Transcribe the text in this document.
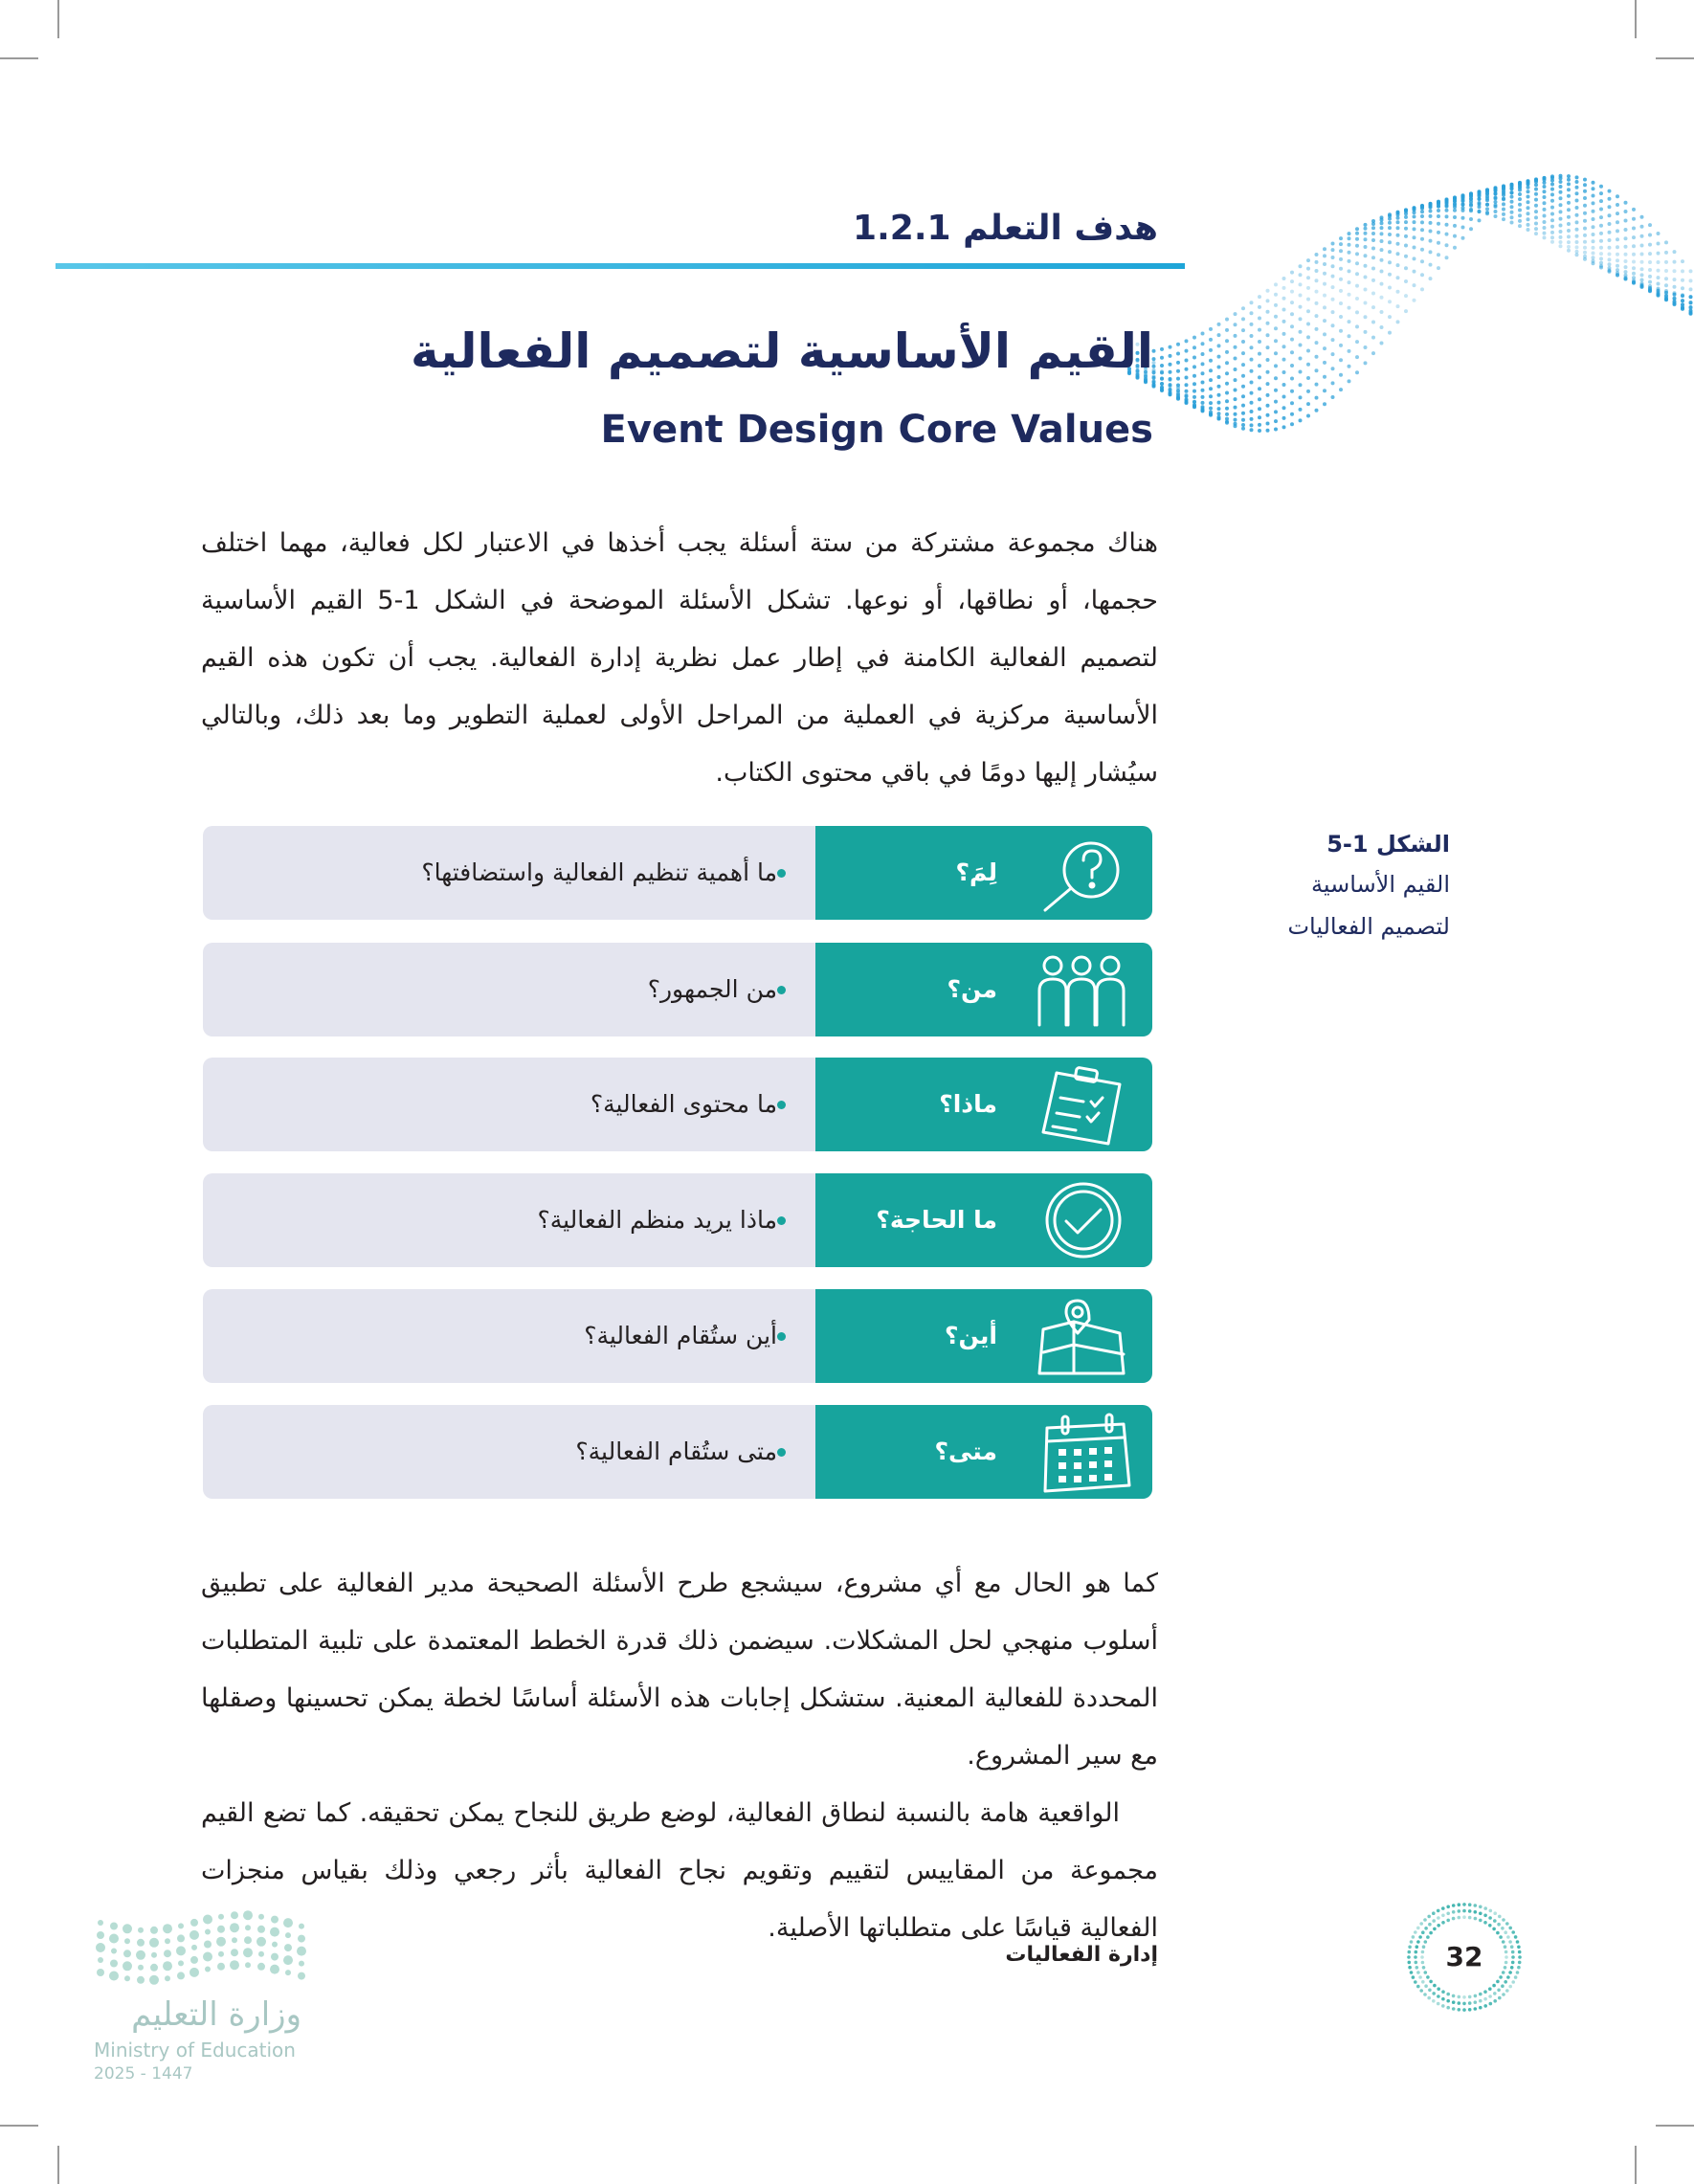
هدف التعلم 1.2.1
القيم الأساسية لتصميم الفعالية
Event Design Core Values

هناك مجموعة مشتركة من ستة أسئلة يجب أخذها في الاعتبار لكل فعالية، مهما اختلف حجمها، أو نطاقها، أو نوعها. تشكل الأسئلة الموضحة في الشكل 1-5 القيم الأساسية لتصميم الفعالية الكامنة في إطار عمل نظرية إدارة الفعالية. يجب أن تكون هذه القيم الأساسية مركزية في العملية من المراحل الأولى لعملية التطوير وما بعد ذلك، وبالتالي سيُشار إليها دومًا في باقي محتوى الكتاب.

الشكل 1-5
القيم الأساسية
لتصميم الفعاليات
ما أهمية تنظيم الفعالية واستضافتها؟	لِمَ؟
من الجمهور؟	من؟
ما محتوى الفعالية؟	ماذا؟
ماذا يريد منظم الفعالية؟	ما الحاجة؟
أين ستُقام الفعالية؟	أين؟
متى ستُقام الفعالية؟	متى؟

كما هو الحال مع أي مشروع، سيشجع طرح الأسئلة الصحيحة مدير الفعالية على تطبيق أسلوب منهجي لحل المشكلات. سيضمن ذلك قدرة الخطط المعتمدة على تلبية المتطلبات المحددة للفعالية المعنية. ستشكل إجابات هذه الأسئلة أساسًا لخطة يمكن تحسينها وصقلها مع سير المشروع.

الواقعية هامة بالنسبة لنطاق الفعالية، لوضع طريق للنجاح يمكن تحقيقه. كما تضع القيم مجموعة من المقاييس لتقييم وتقويم نجاح الفعالية بأثر رجعي وذلك بقياس منجزات الفعالية قياسًا على متطلباتها الأصلية.

إدارة الفعاليات	32
وزارة التعليم
Ministry of Education
2025 - 1447
